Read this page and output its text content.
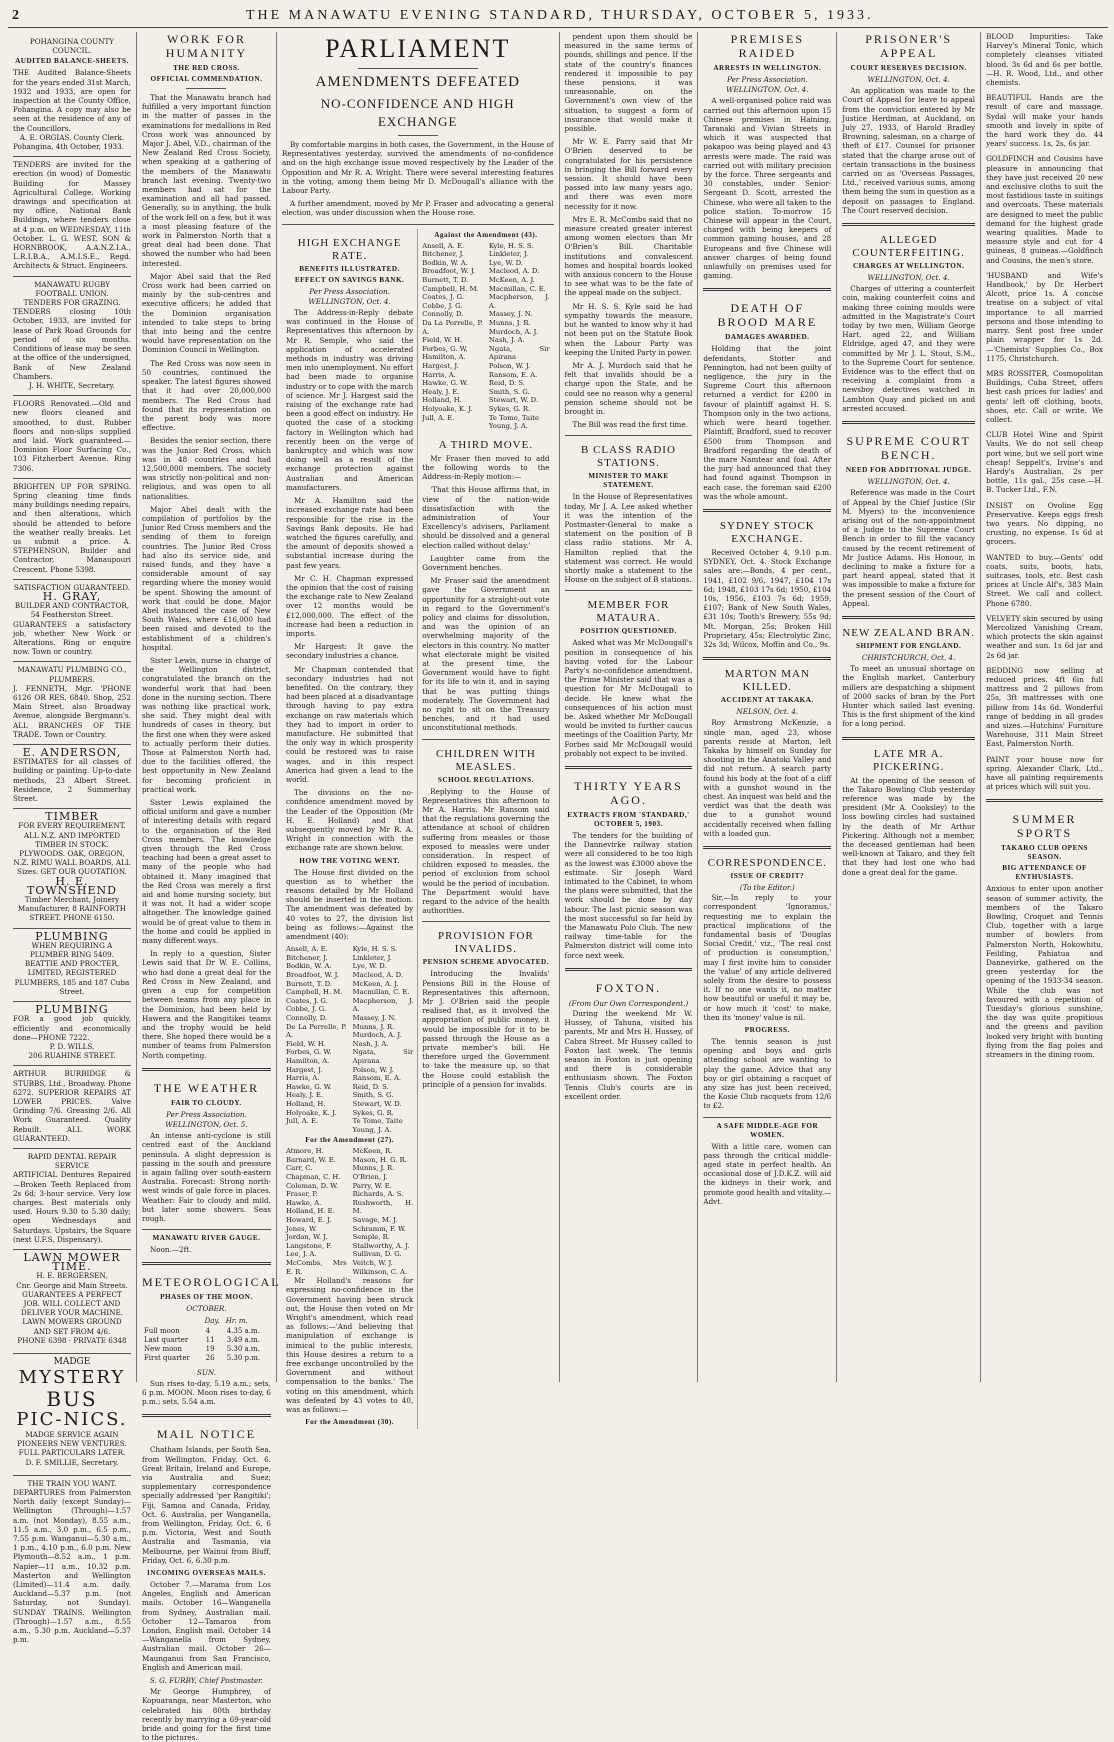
2	THE MANAWATU EVENING STANDARD, THURSDAY, OCTOBER 5, 1933.

POHANGINA COUNTY COUNCIL.
AUDITED BALANCE-SHEETS.
THE Audited Balance-Sheets for the years ended 31st March, 1932 and 1933, are open for inspection at the County Office, Pohangina. A copy may also be seen at the residence of any of the Councillors.
A. E. ORGIAS, County Clerk.
Pohangina, 4th October, 1933.
TENDERS are invited for the erection (in wood) of Domestic Building for Massey Agricultural College. Working drawings and specification at my office, National Bank Buildings, where tenders close at 4 p.m. on WEDNESDAY, 11th October. L. G. WEST, SON & HORNBROOK, A.A.N.Z.I.A., L.R.I.B.A., A.M.I.S.E., Regd. Architects & Struct. Engineers.
MANAWATU RUGBY FOOTBALL UNION.
TENDERS FOR GRAZING.
TENDERS closing 10th October, 1933, are invited for lease of Park Road Grounds for period of six months. Conditions of lease may be seen at the office of the undersigned, Bank of New Zealand Chambers.
J. H. WHITE, Secretary.
FLOORS Renovated.—Old and new floors cleaned and smoothed, to dust. Rubber floors and non-slips supplied and laid. Work guaranteed.—Dominion Floor Surfacing Co., 103 Fitzherbert Avenue. Ring 7306.
BRIGHTEN UP FOR SPRING. Spring cleaning time finds many buildings needing repairs, and then alterations, which should be attended to before the weather really breaks. Let us submit a price. A. STEPHENSON, Builder and Contractor, Manaupouri Crescent. Phone 5398.
SATISFACTION GUARANTEED.
H. GRAY,
BUILDER AND CONTRACTOR, 54 Featherston Street.
GUARANTEES a satisfactory job, whether New Work or Alterations. Ring or enquire now. Town or country.
MANAWATU PLUMBING CO., PLUMBERS.
J. FENNETH, Mgr. 'PHONE 6126 OR RES. 6840. Shop, 252 Main Street, also Broadway Avenue, alongside Bergmann's. ALL BRANCHES OF THE TRADE. Town or Country.
E. ANDERSON,
ESTIMATES for all classes of building or painting. Up-to-date methods, 23 Albert Street. Residence, 2 Summerhay Street.
TIMBER
FOR EVERY REQUIREMENT.
ALL N.Z. AND IMPORTED TIMBER IN STOCK. PLYWOODS. OAK, OREGON, N.Z. RIMU WALL BOARDS, ALL Sizes. GET OUR QUOTATION.
H. E. TOWNSHEND
Timber Merchant, Joinery Manufacturer, 8 RAINFORTH STREET. PHONE 6150.
PLUMBING
WHEN REQUIRING A PLUMBER RING 5409. BEATTIE AND PROCTER, LIMITED, REGISTERED PLUMBERS, 185 and 187 Cuba Street.
PLUMBING
FOR a good job quickly, efficiently and economically done—PHONE 7222.
P. D. WILLS,
206 RUAHINE STREET.
ARTHUR BURBIDGE & STUBBS, Ltd., Broadway. Phone 6272. SUPERIOR REPAIRS AT LOWER PRICES. Valve Grinding 7/6. Greasing 2/6. All Work Guaranteed. Quality Rebuilt. ALL WORK GUARANTEED.
RAPID DENTAL REPAIR SERVICE
ARTIFICIAL Dentures Repaired—Broken Teeth Replaced from 2s 6d; 3-hour service. Very low charges. Best materials only used. Hours 9.30 to 5.30 daily; open Wednesdays and Saturdays. Upstairs, the Square (next U.F.S. Dispensary).
LAWN MOWER TIME.
H. E. BERGERSEN,
Cnr. George and Main Streets. GUARANTEES A PERFECT JOB. WILL COLLECT AND DELIVER YOUR MACHINE. LAWN MOWERS GROUND AND SET FROM 4/6.
PHONE 6398 · PRIVATE 6348
MADGE
MYSTERY
BUS
PIC-NICS.
MADGE SERVICE AGAIN PIONEERS NEW VENTURES. FULL PARTICULARS LATER.
D. F. SMILLIE, Secretary.
THE TRAIN YOU WANT.
DEPARTURES from Palmerston North daily (except Sunday)—Wellington (Through)—1.57 a.m. (not Monday), 8.55 a.m., 11.5 a.m., 3.0 p.m., 6.5 p.m., 7.55 p.m. Wanganui—5.30 a.m., 1 p.m., 4.10 p.m., 6.0 p.m. New Plymouth—8.52 a.m., 1 p.m. Napier—11 a.m., 10.32 p.m. Masterton and Wellington (Limited)—11.4 a.m. daily. Auckland—5.37 p.m. (not Saturday, not Sunday). SUNDAY TRAINS. Wellington (Through)—1.57 a.m., 8.55 a.m., 5.30 p.m. Auckland—5.37 p.m.
WORK FOR HUMANITY
THE RED CROSS.
OFFICIAL COMMENDATION.

That the Manawatu branch had fulfilled a very important function in the matter of passes in the examinations for medallions in Red Cross work was announced by Major J. Abel, V.D., chairman of the New Zealand Red Cross Society, when speaking at a gathering of the members of the Manawatu branch last evening. Twenty-two members had sat for the examination and all had passed. Generally, so in anything, the bulk of the work fell on a few, but it was a most pleasing feature of the work in Palmerston North that a great deal had been done. That showed the number who had been interested.

Major Abel said that the Red Cross work had been carried on mainly by the sub-centres and executive officers; he added that the Dominion organisation intended to take steps to bring that into being and the centre would have representation on the Dominion Council in Wellington.

The Red Cross was now seen in 50 countries, continued the speaker. The latest figures showed that it had over 20,000,000 members. The Red Cross had found that its representation on the parent body was more effective.

Besides the senior section, there was the Junior Red Cross, which was in 48 countries and had 12,500,000 members. The society was strictly non-political and non-religious, and was open to all nationalities.

Major Abel dealt with the compilation of portfolios by the Junior Red Cross members and the sending of them to foreign countries. The Junior Red Cross had also its service side, and raised funds, and they have a considerable amount of say regarding where the money would be spent. Showing the amount of work that could be done, Major Abel instanced the case of New South Wales, where £16,000 had been raised and devoted to the establishment of a children's hospital.

Sister Lewis, nurse in charge of the Wellington district, congratulated the branch on the wonderful work that had been done in the nursing section. There was nothing like practical work, she said. They might deal with hundreds of cases in theory, but the first one when they were asked to actually perform their duties. Those at Palmerston North had, due to the facilities offered, the best opportunity in New Zealand for becoming proficient in practical work.

Sister Lewis explained the official uniform and gave a number of interesting details with regard to the organisation of the Red Cross members. The knowledge given through the Red Cross teaching had been a great asset to many of the people who had obtained it. Many imagined that the Red Cross was merely a first aid and home nursing society, but it was not. It had a wider scope altogether. The knowledge gained would be of great value to them in the home and could be applied in many different ways.

In reply to a question, Sister Lewis said that Dr W. E. Collins, who had done a great deal for the Red Cross in New Zealand, and given a cup for competition between teams from any place in the Dominion, had been held by Hawera and the Rangitikei teams and the trophy would be held there. She hoped there would be a number of teams from Palmerston North competing.

THE WEATHER
FAIR TO CLOUDY.
Per Press Association.
WELLINGTON, Oct. 5.

An intense anti-cyclone is still centred east of the Auckland peninsula. A slight depression is passing in the south and pressure is again falling over south-eastern Australia. Forecast: Strong north-west winds of gale force in places. Weather: Fair to cloudy and mild, but later some showers. Seas rough.

MANAWATU RIVER GAUGE.

Noon.—2ft.

METEOROLOGICAL
PHASES OF THE MOON.
OCTOBER.
	Day.	Hr. m.
Full moon	4	4.35 a.m.
Last quarter	11	3.49 a.m.
New moon	19	5.30 a.m.
First quarter	26	5.30 p.m.
SUN.

Sun rises to-day, 5.19 a.m.; sets, 6 p.m. MOON. Moon rises to-day, 6 p.m.; sets, 5.54 a.m.

MAIL NOTICE

Chatham Islands, per South Sea, from Wellington, Friday, Oct. 6. Great Britain, Ireland and Europe, via Australia and Suez; supplementary correspondence specially addressed 'per Rangitiki'; Fiji, Samoa and Canada, Friday, Oct. 6. Australia, per Wanganella, from Wellington, Friday, Oct. 6, 6 p.m. Victoria, West and South Australia and Tasmania, via Melbourne, per Wainui from Bluff, Friday, Oct. 6, 6.30 p.m.

INCOMING OVERSEAS MAILS.

October 7.—Marama from Los Angeles, English and American mails. October 16—Wanganella from Sydney, Australian mail. October 12—Tamaroa from London, English mail. October 14—Wanganella from Sydney, Australian mail. October 26—Maunganui from San Francisco, English and American mail.

S. G. FURBY, Chief Postmaster.

Mr George Humphrey, of Kopuaranga, near Masterton, who celebrated his 80th birthday recently by marrying a 69-year-old bride and going for the first time to the pictures.

PARLIAMENT
AMENDMENTS DEFEATED
NO-CONFIDENCE AND HIGH EXCHANGE

By comfortable margins in both cases, the Government, in the House of Representatives yesterday, survived the amendments of no-confidence and on the high exchange issue moved respectively by the Leader of the Opposition and Mr R. A. Wright. There were several interesting features in the voting, among them being Mr D. McDougall's alliance with the Labour Party.

A further amendment, moved by Mr P. Fraser and advocating a general election, was under discussion when the House rose.

HIGH EXCHANGE RATE.
BENEFITS ILLUSTRATED.
EFFECT ON SAVINGS BANK.
Per Press Association.
WELLINGTON, Oct. 4.

The Address-in-Reply debate was continued in the House of Representatives this afternoon by Mr R. Semple, who said the application of accelerated methods in industry was driving men into unemployment. No effort had been made to organise industry or to cope with the march of science. Mr J. Hargest said the raising of the exchange rate had been a good effect on industry. He quoted the case of a stocking factory in Wellington which had recently been on the verge of bankruptcy and which was now doing well as a result of the exchange protection against Australian and American manufacturers.

Mr A. Hamilton said the increased exchange rate had been responsible for the rise in the Savings Bank deposits. He had watched the figures carefully, and the amount of deposits showed a substantial increase during the past few years.

Mr C. H. Chapman expressed the opinion that the cost of raising the exchange rate to New Zealand over 12 months would be £12,000,000. The effect of the increase had been a reduction in imports.

Mr Hargest: It gave the secondary industries a chance.

Mr Chapman contended that secondary industries had not benefited. On the contrary, they had been placed at a disadvantage through having to pay extra exchange on raw materials which they had to import in order to manufacture. He submitted that the only way in which prosperity could be restored was to raise wages, and in this respect America had given a lead to the world.

The divisions on the no-confidence amendment moved by the Leader of the Opposition (Mr H. E. Holland) and that subsequently moved by Mr R. A. Wright in connection with the exchange rate are shown below.

HOW THE VOTING WENT.

The House first divided on the question as to whether the reasons detailed by Mr Holland should be inserted in the motion. The amendment was defeated by 40 votes to 27, the division list being as follows:—Against the amendment (40):

Ansell, A. E.
Bitchener, J.
Bodkin, W. A.
Broadfoot, W. J.
Burnett, T. D.
Campbell, H. M.
Coates, J. G.
Cobbe, J. G.
Connolly, D.
De La Perrelle, P. A.
Field, W. H.
Forbes, G. W.
Hamilton, A.
Hargest, J.
Harris, A.
Hawke, G. W.
Healy, J. E.
Holland, H.
Holyoake, K. J.
Jull, A. E.
Kyle, H. S. S.
Linkleter, J.
Lye, W. D.
Macleod, A. D.
McKeen, A. J.
Macmillan, C. E.
Macpherson, J. A.
Massey, J. N.
Munns, J. R.
Murdoch, A. J.
Nash, J. A.
Ngata, Sir Apirana
Polson, W. J.
Ransom, E. A.
Reid, D. S.
Smith, S. G.
Stewart, W. D.
Sykes, G. R.
Te Tomo, Taite
Young, J. A.
For the Amendment (27).
Atmore, H.
Barnard, W. E.
Carr, C.
Chapman, C. H.
Coleman, D. W.
Fraser, P.
Hawke, A.
Holland, H. E.
Howard, E. J.
Jones, W.
Jordan, W. J.
Langstone, F.
Lee, J. A.
McCombs, Mrs E. R.
McKeen, R.
Mason, H. G. R.
Munns, J. R.
O'Brien, J.
Parry, W. E.
Richards, A. S.
Rushworth, H. M.
Savage, M. J.
Schramm, F. W.
Semple, R.
Stallworthy, A. J.
Sullivan, D. G.
Veitch, W. J.
Wilkinson, C. A.

Mr Holland's reasons for expressing no-confidence in the Government having been struck out, the House then voted on Mr Wright's amendment, which read as follows:—'And believing that manipulation of exchange is inimical to the public interests, this House desires a return to a free exchange uncontrolled by the Government and without compensation to the banks.' The voting on this amendment, which was defeated by 43 votes to 40, was as follows:—

For the Amendment (30).
Against the Amendment (43).
Ansell, A. E.
Bitchener, J.
Bodkin, W. A.
Broadfoot, W. J.
Burnett, T. D.
Campbell, H. M.
Coates, J. G.
Cobbe, J. G.
Connolly, D.
Da La Perrelle, P. A.
Field, W. H.
Forbes, G. W.
Hamilton, A.
Hargest, J.
Harris, A.
Hawke, G. W.
Healy, J. E.
Holland, H.
Holyoake, K. J.
Jull, A. E.
Kyle, H. S. S.
Linkleter, J.
Lye, W. D.
Macleod, A. D.
McKeen, A. J.
Macmillan, C. E.
Macpherson, J. A.
Massey, J. N.
Munns, J. R.
Murdoch, A. J.
Nash, J. A.
Ngata, Sir Apirana
Polson, W. J.
Ransom, E. A.
Reid, D. S.
Smith, S. G.
Stewart, W. D.
Sykes, G. R.
Te Tomo, Taite
Young, J. A.
A THIRD MOVE.

Mr Fraser then moved to add the following words to the Address-in-Reply motion:—

'That this House affirms that, in view of the nation-wide dissatisfaction with the administration of Your Excellency's advisers, Parliament should be dissolved and a general election called without delay.'

Laughter came from the Government benches.

Mr Fraser said the amendment gave the Government an opportunity for a straight-out vote in regard to the Government's policy and claims for dissolution, and was the opinion of an overwhelming majority of the electors in this country. No matter what electorate might be visited at the present time, the Government would have to fight for its life to win it, and in saying that he was putting things moderately. The Government had no right to sit on the Treasury benches, and it had used unconstitutional methods.

CHILDREN WITH MEASLES.
SCHOOL REGULATIONS.

Replying to the House of Representatives this afternoon to Mr A. Harris, Mr Ransom said that the regulations governing the attendance at school of children suffering from measles or those exposed to measles were under consideration. In respect of children exposed to measles, the period of exclusion from school would be the period of incubation. The Department would have regard to the advice of the health authorities.

PROVISION FOR INVALIDS.
PENSION SCHEME ADVOCATED.

Introducing the Invalids' Pensions Bill in the House of Representatives this afternoon, Mr J. O'Brien said the people realised that, as it involved the appropriation of public money, it would be impossible for it to be passed through the House as a private member's bill. He therefore urged the Government to take the measure up, so that the House could establish the principle of a pension for invalids.

pendent upon them should be measured in the same terms of pounds, shillings and pence. If the state of the country's finances rendered it impossible to pay these pensions, it was unreasonable, on the Government's own view of the situation, to suggest a form of insurance that would make it possible.

Mr W. E. Parry said that Mr O'Brien deserved to be congratulated for his persistence in bringing the Bill forward every session. It should have been passed into law many years ago, and there was even more necessity for it now.

Mrs E. R. McCombs said that no measure created greater interest among women electors than Mr O'Brien's Bill. Charitable institutions and convalescent homes and hospital boards looked with anxious concern to the House to see what was to be the fate of the appeal made on the subject.

Mr H. S. S. Kyle said he had sympathy towards the measure, but he wanted to know why it had not been put on the Statute Book when the Labour Party was keeping the United Party in power.

Mr A. J. Murdoch said that he felt that invalids should be a charge upon the State, and he could see no reason why a general pension scheme should not be brought in.

The Bill was read the first time.

B CLASS RADIO STATIONS.
MINISTER TO MAKE STATEMENT.

In the House of Representatives today, Mr J. A. Lee asked whether it was the intention of the Postmaster-General to make a statement on the position of B class radio stations. Mr A. Hamilton replied that the statement was correct. He would shortly make a statement to the House on the subject of B stations.

MEMBER FOR MATAURA.
POSITION QUESTIONED.

Asked what was Mr McDougall's position in consequence of his having voted for the Labour Party's no-confidence amendment, the Prime Minister said that was a question for Mr McDougall to decide. He knew what the consequences of his action must be. Asked whether Mr McDougall would be invited to further caucus meetings of the Coalition Party, Mr Forbes said Mr McDougall would probably not expect to be invited.

THIRTY YEARS AGO.
EXTRACTS FROM 'STANDARD,' OCTOBER 5, 1903.

The tenders for the building of the Dannevirke railway station were all considered to be too high as the lowest was £3000 above the estimate. Sir Joseph Ward intimated to the Cabinet, to whom the plans were submitted, that the work should be done by day labour. The last picnic season was the most successful so far held by the Manawatu Polo Club. The new railway time-table for the Palmerston district will come into force next week.

FOXTON.
(From Our Own Correspondent.)

During the weekend Mr W. Hussey, of Tahuna, visited his parents, Mr and Mrs H. Hussey, of Cabra Street. Mr Hussey called to Foxton last week. The tennis season in Foxton is just opening and there is considerable enthusiasm shown. The Foxton Tennis Club's courts are in excellent order.

PREMISES RAIDED
ARRESTS IN WELLINGTON.
Per Press Association.
WELLINGTON, Oct. 4.

A well-organised police raid was carried out this afternoon upon 15 Chinese premises in Haining, Taranaki and Vivian Streets in which it was suspected that pakapoo was being played and 43 arrests were made. The raid was carried out with military precision by the force. Three sergeants and 30 constables, under Senior-Sergeant D. Scott, arrested the Chinese, who were all taken to the police station. To-morrow 15 Chinese will appear in the Court, charged with being keepers of common gaming houses, and 28 Europeans and five Chinese will answer charges of being found unlawfully on premises used for gaming.

DEATH OF BROOD MARE
DAMAGES AWARDED.

Holding that the joint defendants, Stotter and Pennington, had not been guilty of negligence, the jury in the Supreme Court this afternoon returned a verdict for £200 in favour of plaintiff against H. S. Thompson only in the two actions, which were heard together. Plaintiff, Bradford, sued to recover £500 from Thompson and Bradford regarding the death of the mare Namtear and foal. After the jury had announced that they had found against Thompson in each case, the foreman said £200 was the whole amount.

SYDNEY STOCK EXCHANGE.

Received October 4, 9.10 p.m. SYDNEY, Oct. 4. Stock Exchange sales are:—Bonds, 4 per cent., 1941, £102 9/6, 1947, £104 17s 6d; 1948, £103 17s 6d; 1950, £104 10s, 1956, £103 7s 6d; 1959, £107; Bank of New South Wales, £31 10s; Tooth's Brewery, 55s 9d; Mt. Morgan, 25s; Broken Hill Proprietary, 45s; Electrolytic Zinc, 32s 3d; Wilcox, Moffin and Co., 9s.

MARTON MAN KILLED.
ACCIDENT AT TAKAKA.
NELSON, Oct. 4.

Roy Armstrong McKenzie, a single man, aged 23, whose parents reside at Marton, left Takaka by himself on Sunday for shooting in the Anatoki Valley and did not return. A search party found his body at the foot of a cliff with a gunshot wound in the chest. An inquest was held and the verdict was that the death was due to a gunshot wound accidentally received when falling with a loaded gun.

CORRESPONDENCE.
ISSUE OF CREDIT?
(To the Editor.)

Sir,—In reply to your correspondent 'Ignoramus,' requesting me to explain the practical implications of the fundamental basis of 'Douglas Social Credit,' viz., 'The real cost of production is consumption,' may I first invite him to consider the 'value' of any article delivered solely from the desire to possess it. If no one wants it, no matter how beautiful or useful it may be, or how much it 'cost' to make, then its 'money' value is nil.

PROGRESS.

The tennis season is just opening and boys and girls attending school are wanting to play the game. Advice that any boy or girl obtaining a racquet of any size has just been received, the Kosie Club racquets from 12/6 to £2.

A SAFE MIDDLE-AGE FOR WOMEN.

With a little care, women can pass through the critical middle-aged state in perfect health. An occasional dose of J.D.K.Z. will aid the kidneys in their work, and promote good health and vitality.—Advt.

PRISONER'S APPEAL
COURT RESERVES DECISION.
WELLINGTON, Oct. 4.

An application was made to the Court of Appeal for leave to appeal from the conviction entered by Mr Justice Herdman, at Auckland, on July 27, 1933, of Harold Bradley Browning, salesman, on a charge of theft of £17. Counsel for prisoner stated that the charge arose out of certain transactions in the business carried on as 'Overseas Passages, Ltd.,' received various sums, among them being the sum in question as a deposit on passages to England. The Court reserved decision.

ALLEGED COUNTERFEITING.
CHARGES AT WELLINGTON.
WELLINGTON, Oct. 4.

Charges of uttering a counterfeit coin, making counterfeit coins and making three coining moulds were admitted in the Magistrate's Court today by two men, William George Hart, aged 22, and William Eldridge, aged 47, and they were committed by Mr J. L. Stout, S.M., to the Supreme Court for sentence. Evidence was to the effect that on receiving a complaint from a newsboy detectives watched in Lambton Quay and picked on and arrested accused.

SUPREME COURT BENCH.
NEED FOR ADDITIONAL JUDGE.
WELLINGTON, Oct. 4.

Reference was made in the Court of Appeal by the Chief Justice (Sir M. Myers) to the inconvenience arising out of the non-appointment of a Judge to the Supreme Court Bench in order to fill the vacancy caused by the recent retirement of Mr Justice Adams. His Honour, in declining to make a fixture for a part heard appeal, stated that it was impossible to make a fixture for the present session of the Court of Appeal.

NEW ZEALAND BRAN.
SHIPMENT FOR ENGLAND.
CHRISTCHURCH, Oct. 4.

To meet an unusual shortage on the English market, Canterbury millers are despatching a shipment of 2000 sacks of bran by the Port Hunter which sailed last evening. This is the first shipment of the kind for a long period.

LATE MR A. PICKERING.

At the opening of the season of the Takaro Bowling Club yesterday reference was made by the president (Mr A. Cooksley) to the loss bowling circles had sustained by the death of Mr Arthur Pickering. Although not a member, the deceased gentleman had been well-known at Takaro, and they felt that they had lost one who had done a great deal for the game.

BLOOD Impurities: Take Harvey's Mineral Tonic, which completely cleanses vitiated blood. 3s 6d and 6s per bottle.—H. R. Wood, Ltd., and other chemists.

BEAUTIFUL Hands are the result of care and massage. Sydal will make your hands smooth and lovely in spite of the hard work they do. 44 years' success. 1s, 2s, 6s jar.

GOLDFINCH and Cousins have pleasure in announcing that they have just received 20 new and exclusive cloths to suit the most fastidious taste in suitings and overcoats. These materials are designed to meet the public demand for the highest grade wearing qualities. Made to measure style and cut for 4 guineas, 8 guineas.—Goldfinch and Cousins, the men's store.

'HUSBAND and Wife's Handbook,' by Dr. Herbert Alcott, price 1s. A concise treatise on a subject of vital importance to all married persons and those intending to marry. Sent post free under plain wrapper for 1s 2d.—'Chemists' Supplies Co., Box 1175, Christchurch.

MRS ROSSITER, Cosmopolitan Buildings, Cuba Street, offers best cash prices for ladies' and gents' left off clothing, boots, shoes, etc. Call or write. We collect.

CLUB Hotel Wine and Spirit Vaults. We do not sell cheap port wine, but we sell port wine cheap! Seppelt's, Irvine's and Hardy's Australian, 2s per bottle, 11s gal., 25s case.—H. B. Tucker Ltd., F.N.

INSIST on Ovoline Egg Preservative. Keeps eggs fresh two years. No dipping, no crusting, no expense. 1s 6d at grocers.

WANTED to buy.—Gents' odd coats, suits, boots, hats, suitcases, tools, etc. Best cash prices at Uncle Alf's, 383 Main Street. We call and collect. Phone 6780.

VELVETY skin secured by using Mercolized Vanishing Cream, which protects the skin against weather and sun. 1s 6d jar and 2s 6d jar.

BEDDING now selling at reduced prices. 4ft 6in full mattress and 2 pillows from 25s, 3ft mattresses with one pillow from 14s 6d. Wonderful range of bedding in all grades and sizes.—Hutchins' Furniture Warehouse, 311 Main Street East, Palmerston North.

PAINT your house now for spring. Alexander Clark, Ltd., have all painting requirements at prices which will suit you.

SUMMER SPORTS
TAKARO CLUB OPENS SEASON.
BIG ATTENDANCE OF ENTHUSIASTS.

Anxious to enter upon another season of summer activity, the members of the Takaro Bowling, Croquet and Tennis Club, together with a large number of bowlers from Palmerston North, Hokowhitu, Feilding, Pahiatua and Dannevirke, gathered on the green yesterday for the opening of the 1933-34 season. While the club was not favoured with a repetition of Tuesday's glorious sunshine, the day was quite propitious and the greens and pavilion looked very bright with bunting flying from the flag poles and streamers in the dining room.
